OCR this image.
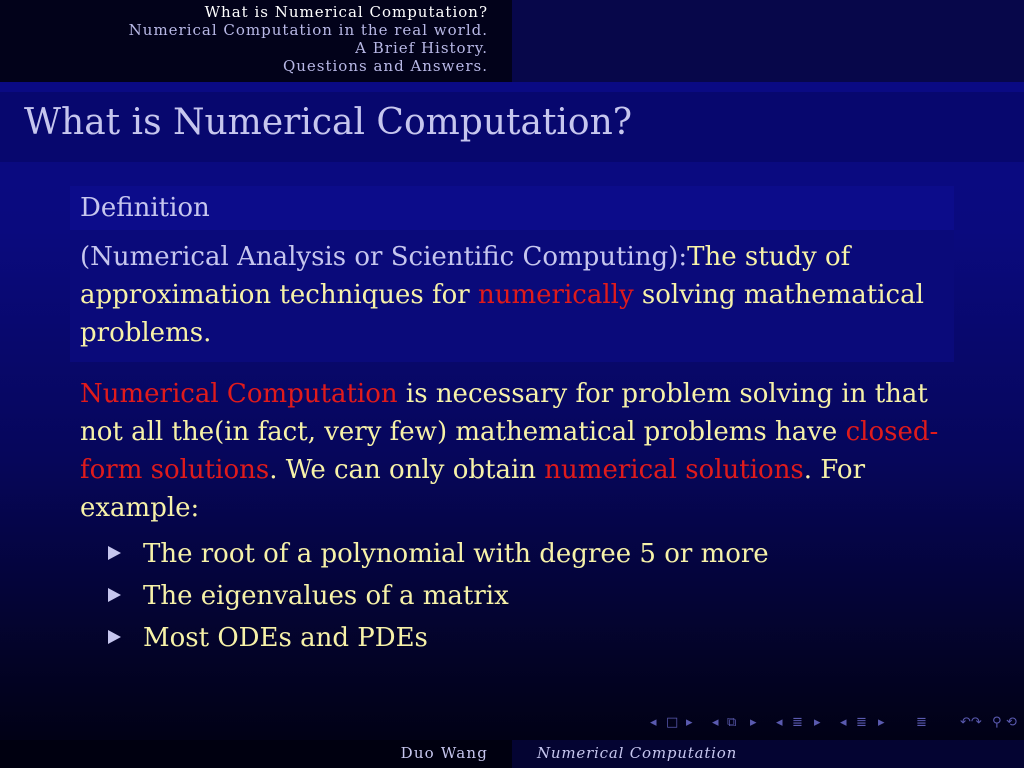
What is Numerical Computation?
Numerical Computation in the real world.
A Brief History.
Questions and Answers.
What is Numerical Computation?
Definition
(Numerical Analysis or Scientific Computing):The study of approximation techniques for numerically solving mathematical problems.
Numerical Computation is necessary for problem solving in that not all the(in fact, very few) mathematical problems have closed-form solutions. We can only obtain numerical solutions. For example:
The root of a polynomial with degree 5 or more
The eigenvalues of a matrix
Most ODEs and PDEs
◂ □ ▸ ◂ ⧉ ▸ ◂ ≣ ▸ ◂ ≣ ▸ ≣	↶↷ ⚲ ⟲
Duo Wang	Numerical Computation
